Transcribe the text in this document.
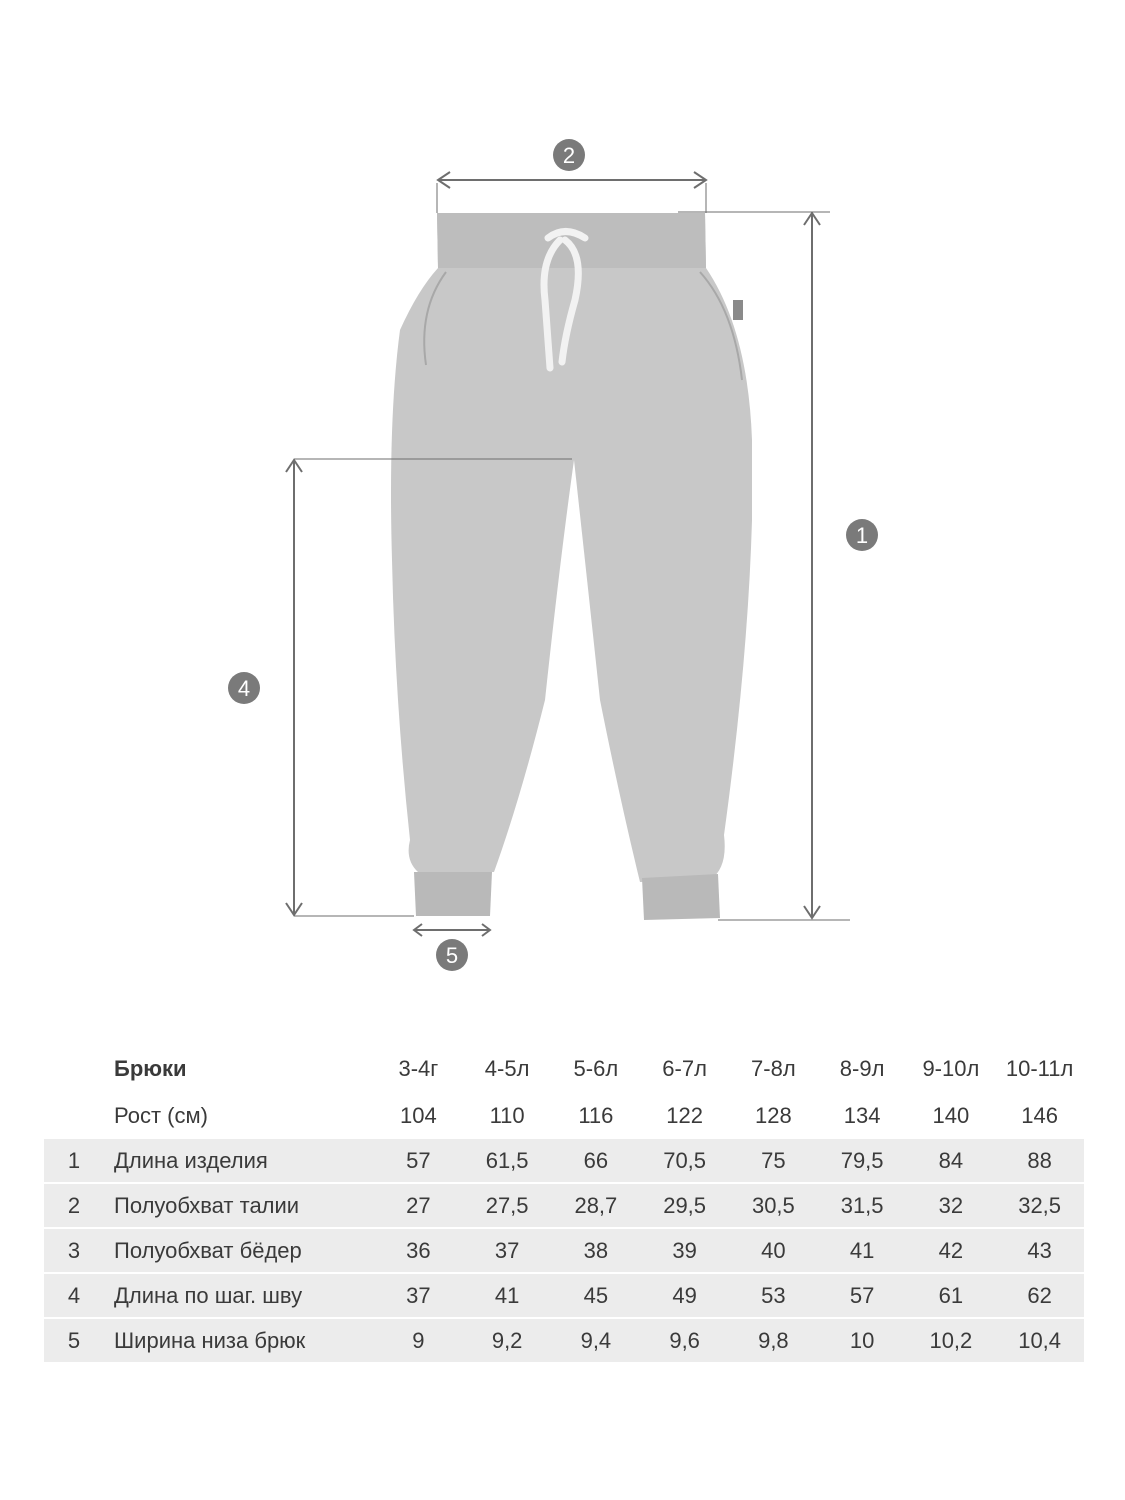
2
1
4
5
	Брюки	3-4г	4-5л	5-6л	6-7л	7-8л	8-9л	9-10л	10-11л
	Рост (см)	104	110	116	122	128	134	140	146
1	Длина изделия	57	61,5	66	70,5	75	79,5	84	88
2	Полуобхват талии	27	27,5	28,7	29,5	30,5	31,5	32	32,5
3	Полуобхват бёдер	36	37	38	39	40	41	42	43
4	Длина по шаг. шву	37	41	45	49	53	57	61	62
5	Ширина низа брюк	9	9,2	9,4	9,6	9,8	10	10,2	10,4
